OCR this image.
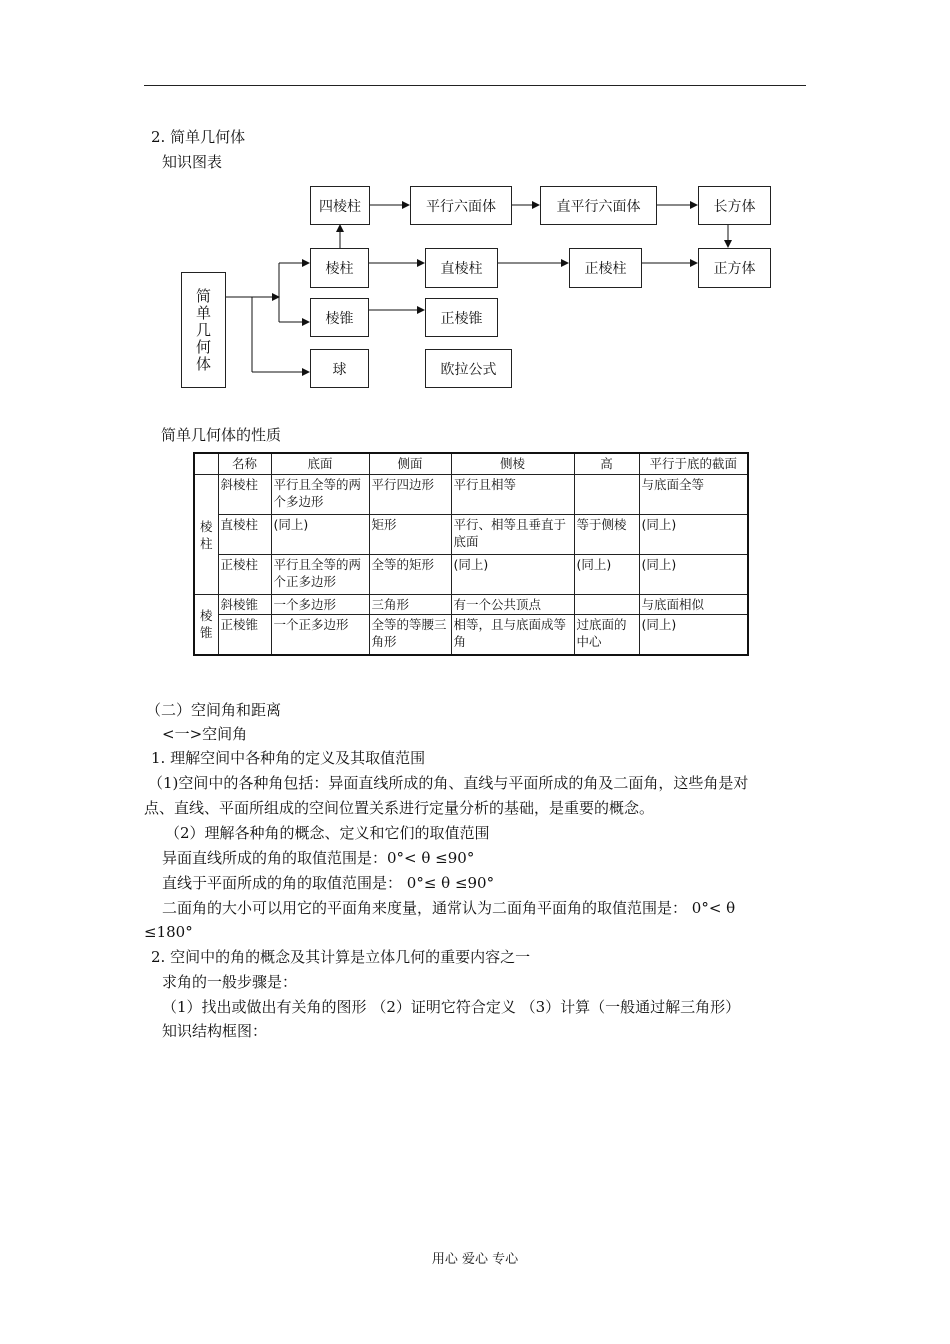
2. 简单几何体
知识图表
简单几何体
四棱柱	平行六面体	直平行六面体	长方体
棱柱	直棱柱	正棱柱	正方体
棱锥	正棱锥
球	欧拉公式
简单几何体的性质
	名称	底面	侧面	侧棱	高	平行于底的截面
棱柱	斜棱柱	平行且全等的两个多边形	平行四边形	平行且相等		与底面全等
	直棱柱	(同上)	矩形	平行、相等且垂直于底面	等于侧棱	(同上)
	正棱柱	平行且全等的两个正多边形	全等的矩形	(同上)	(同上)	(同上)
棱锥	斜棱锥	一个多边形	三角形	有一个公共顶点		与底面相似
	正棱锥	一个正多边形	全等的等腰三角形	相等，且与底面成等角	过底面的中心	(同上)
（二）空间角和距离
<一>空间角
1. 理解空间中各种角的定义及其取值范围
（1)空间中的各种角包括：异面直线所成的角、直线与平面所成的角及二面角，这些角是对
点、直线、平面所组成的空间位置关系进行定量分析的基础，是重要的概念。
（2）理解各种角的概念、定义和它们的取值范围
异面直线所成的角的取值范围是：0°< θ ≤90°
直线于平面所成的角的取值范围是： 0°≤ θ ≤90°
二面角的大小可以用它的平面角来度量，通常认为二面角平面角的取值范围是： 0°< θ
≤180°
2. 空间中的角的概念及其计算是立体几何的重要内容之一
求角的一般步骤是：
（1）找出或做出有关角的图形 （2）证明它符合定义 （3）计算（一般通过解三角形）
知识结构框图：
用心 爱心 专心
